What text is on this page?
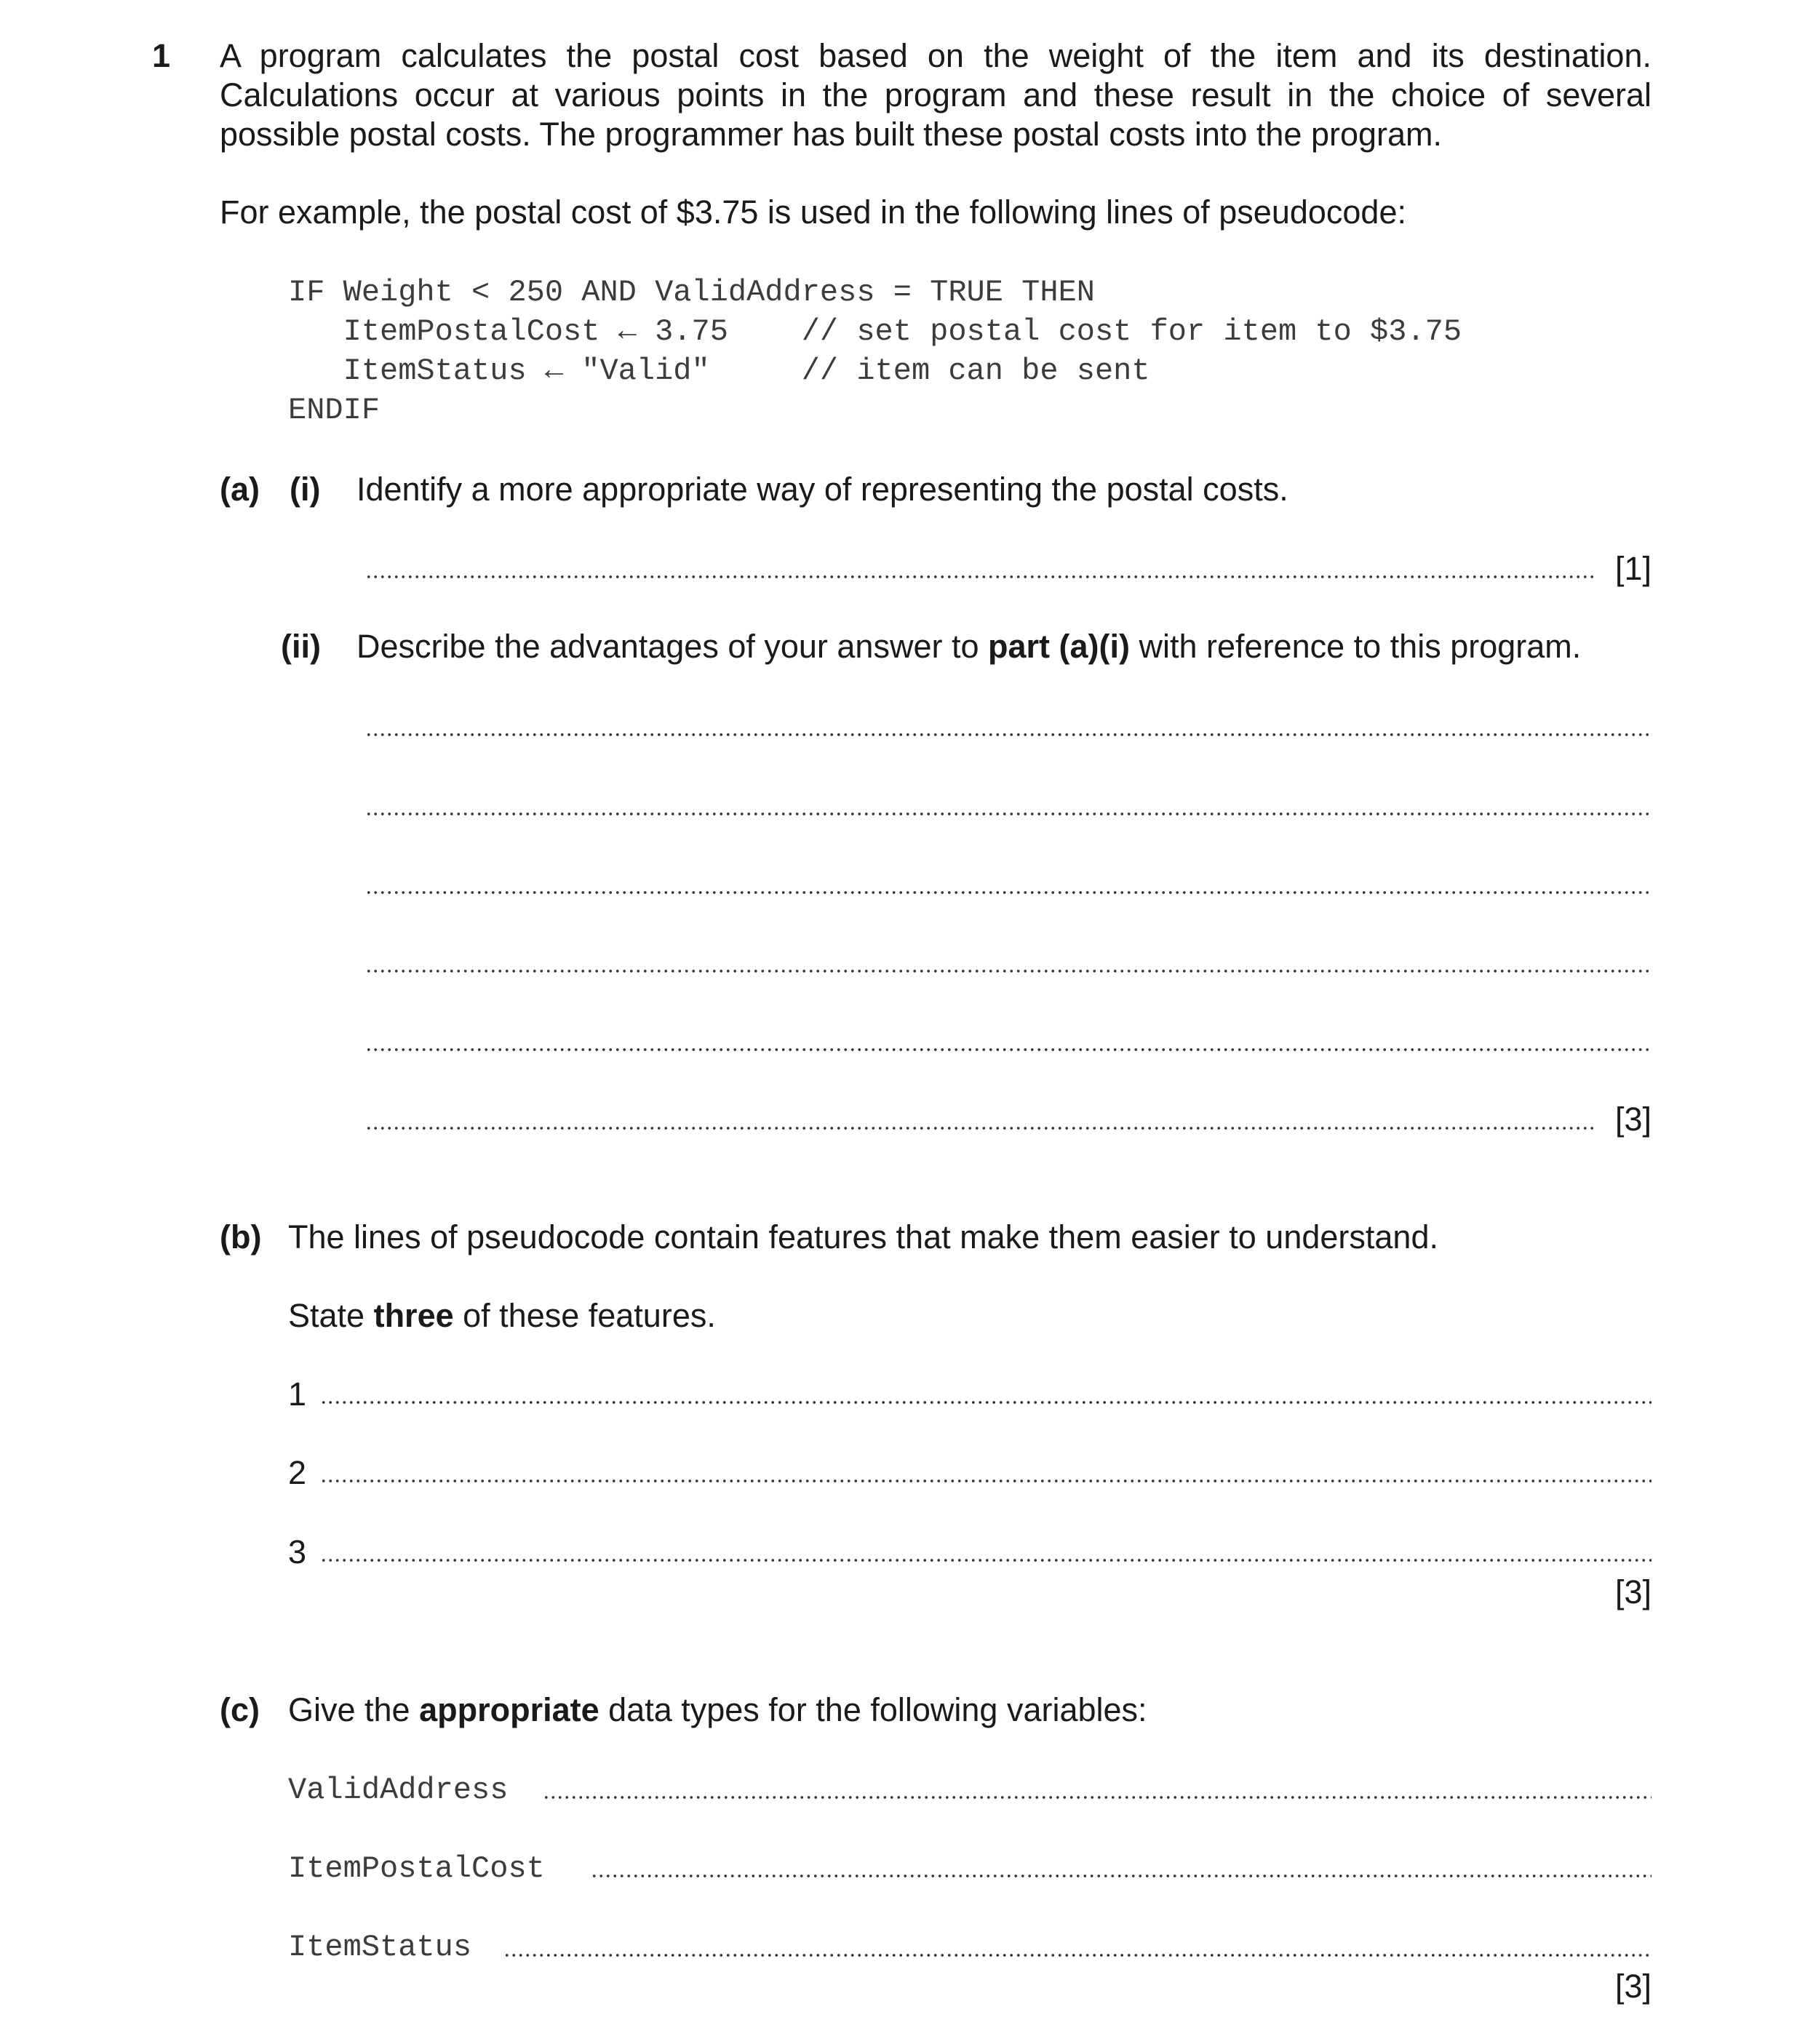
1 A program calculates the postal cost based on the weight of the item and its destination.
Calculations occur at various points in the program and these result in the choice of several
possible postal costs. The programmer has built these postal costs into the program.
For example, the postal cost of $3.75 is used in the following lines of pseudocode:
IF Weight < 250 AND ValidAddress = TRUE THEN
ItemPostalCost ← 3.75    // set postal cost for item to $3.75
ItemStatus ← "Valid"     // item can be sent
ENDIF
(a) (i) Identify a more appropriate way of representing the postal costs.
[1]
(ii) Describe the advantages of your answer to part (a)(i) with reference to this program.
[3]
(b) The lines of pseudocode contain features that make them easier to understand.
State three of these features.
1
2
3
[3]
(c) Give the appropriate data types for the following variables:
ValidAddress
ItemPostalCost
ItemStatus
[3]
